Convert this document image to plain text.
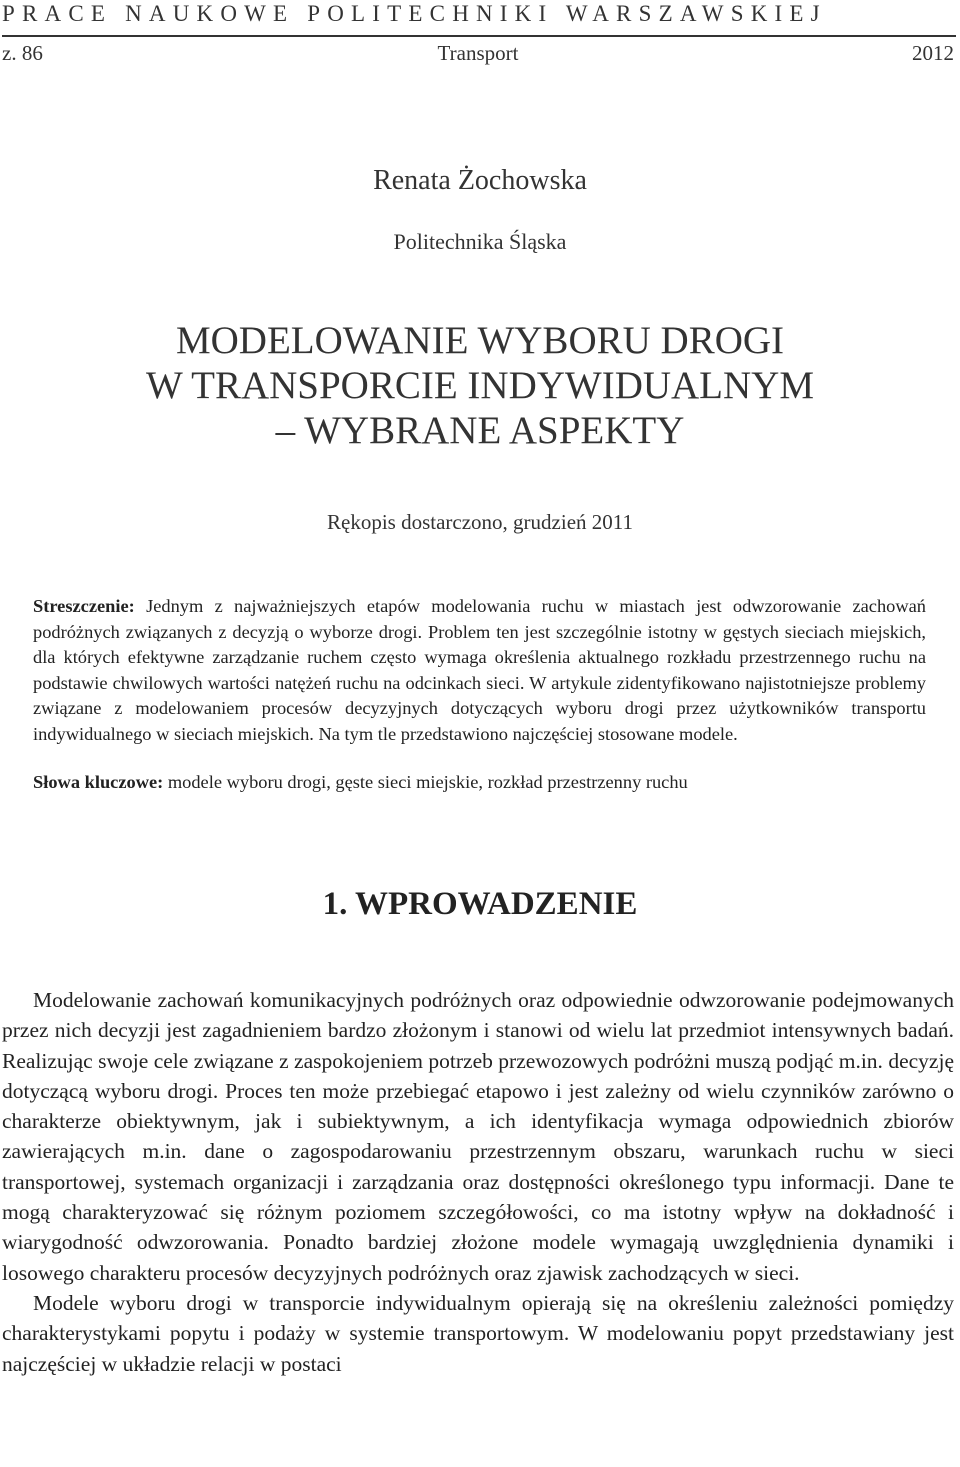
PRACE NAUKOWE POLITECHNIKI WARSZAWSKIEJ
z. 86	Transport	2012
Renata Żochowska
Politechnika Śląska
MODELOWANIE WYBORU DROGI
W TRANSPORCIE INDYWIDUALNYM
– WYBRANE ASPEKTY
Rękopis dostarczono, grudzień 2011
Streszczenie: Jednym z najważniejszych etapów modelowania ruchu w miastach jest odwzorowanie zachowań podróżnych związanych z decyzją o wyborze drogi. Problem ten jest szczególnie istotny w gęstych sieciach miejskich, dla których efektywne zarządzanie ruchem często wymaga określenia aktualnego rozkładu przestrzennego ruchu na podstawie chwilowych wartości natężeń ruchu na odcinkach sieci. W artykule zidentyfikowano najistotniejsze problemy związane z modelowaniem procesów decyzyjnych dotyczących wyboru drogi przez użytkowników transportu indywidualnego w sieciach miejskich. Na tym tle przedstawiono najczęściej stosowane modele.
Słowa kluczowe: modele wyboru drogi, gęste sieci miejskie, rozkład przestrzenny ruchu
1. WPROWADZENIE

Modelowanie zachowań komunikacyjnych podróżnych oraz odpowiednie odwzorowanie podejmowanych przez nich decyzji jest zagadnieniem bardzo złożonym i stanowi od wielu lat przedmiot intensywnych badań. Realizując swoje cele związane z zaspokojeniem potrzeb przewozowych podróżni muszą podjąć m.in. decyzję dotyczącą wyboru drogi. Proces ten może przebiegać etapowo i jest zależny od wielu czynników zarówno o charakterze obiektywnym, jak i subiektywnym, a ich identyfikacja wymaga odpowiednich zbiorów zawierających m.in. dane o zagospodarowaniu przestrzennym obszaru, warunkach ruchu w sieci transportowej, systemach organizacji i zarządzania oraz dostępności określonego typu informacji. Dane te mogą charakteryzować się różnym poziomem szczegółowości, co ma istotny wpływ na dokładność i wiarygodność odwzorowania. Ponadto bardziej złożone modele wymagają uwzględnienia dynamiki i losowego charakteru procesów decyzyjnych podróżnych oraz zjawisk zachodzących w sieci.

Modele wyboru drogi w transporcie indywidualnym opierają się na określeniu zależności pomiędzy charakterystykami popytu i podaży w systemie transportowym. W modelowaniu popyt przedstawiany jest najczęściej w układzie relacji w postaci
